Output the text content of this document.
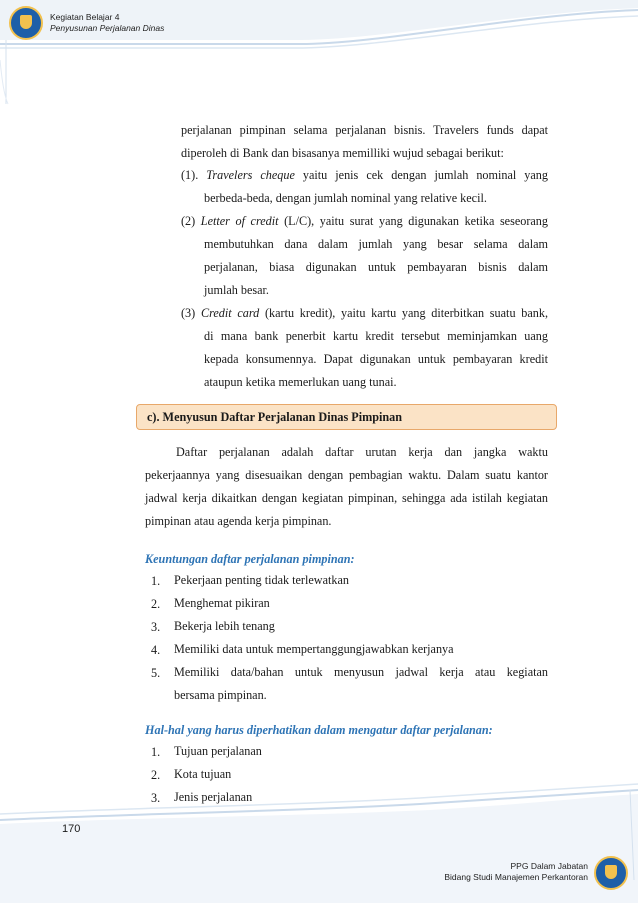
Kegiatan Belajar 4
Penyusunan Perjalanan Dinas
perjalanan pimpinan selama perjalanan bisnis. Travelers funds dapat
diperoleh di Bank dan bisasanya memilliki wujud sebagai berikut:
(1). Travelers cheque yaitu jenis cek dengan jumlah nominal yang
berbeda-beda, dengan jumlah nominal yang relative kecil.
(2) Letter of credit (L/C), yaitu surat yang digunakan ketika seseorang
membutuhkan dana dalam jumlah yang besar selama dalam
perjalanan, biasa digunakan untuk pembayaran bisnis dalam
jumlah besar.
(3) Credit card (kartu kredit), yaitu kartu yang diterbitkan suatu bank,
di mana bank penerbit kartu kredit tersebut meminjamkan uang
kepada konsumennya. Dapat digunakan untuk pembayaran kredit
ataupun ketika memerlukan uang tunai.
c). Menyusun Daftar Perjalanan Dinas Pimpinan
Daftar perjalanan adalah daftar urutan kerja dan jangka waktu
pekerjaannya yang disesuaikan dengan pembagian waktu. Dalam suatu kantor
jadwal kerja dikaitkan dengan kegiatan pimpinan, sehingga ada istilah kegiatan
pimpinan atau agenda kerja pimpinan.
Keuntungan daftar perjalanan pimpinan:
1. Pekerjaan penting tidak terlewatkan
2. Menghemat pikiran
3. Bekerja lebih tenang
4. Memiliki data untuk mempertanggungjawabkan kerjanya
5. Memiliki data/bahan untuk menyusun jadwal kerja atau kegiatan
bersama pimpinan.
Hal-hal yang harus diperhatikan dalam mengatur daftar perjalanan:
1. Tujuan perjalanan
2. Kota tujuan
3. Jenis perjalanan
170
PPG Dalam Jabatan
Bidang Studi Manajemen Perkantoran
